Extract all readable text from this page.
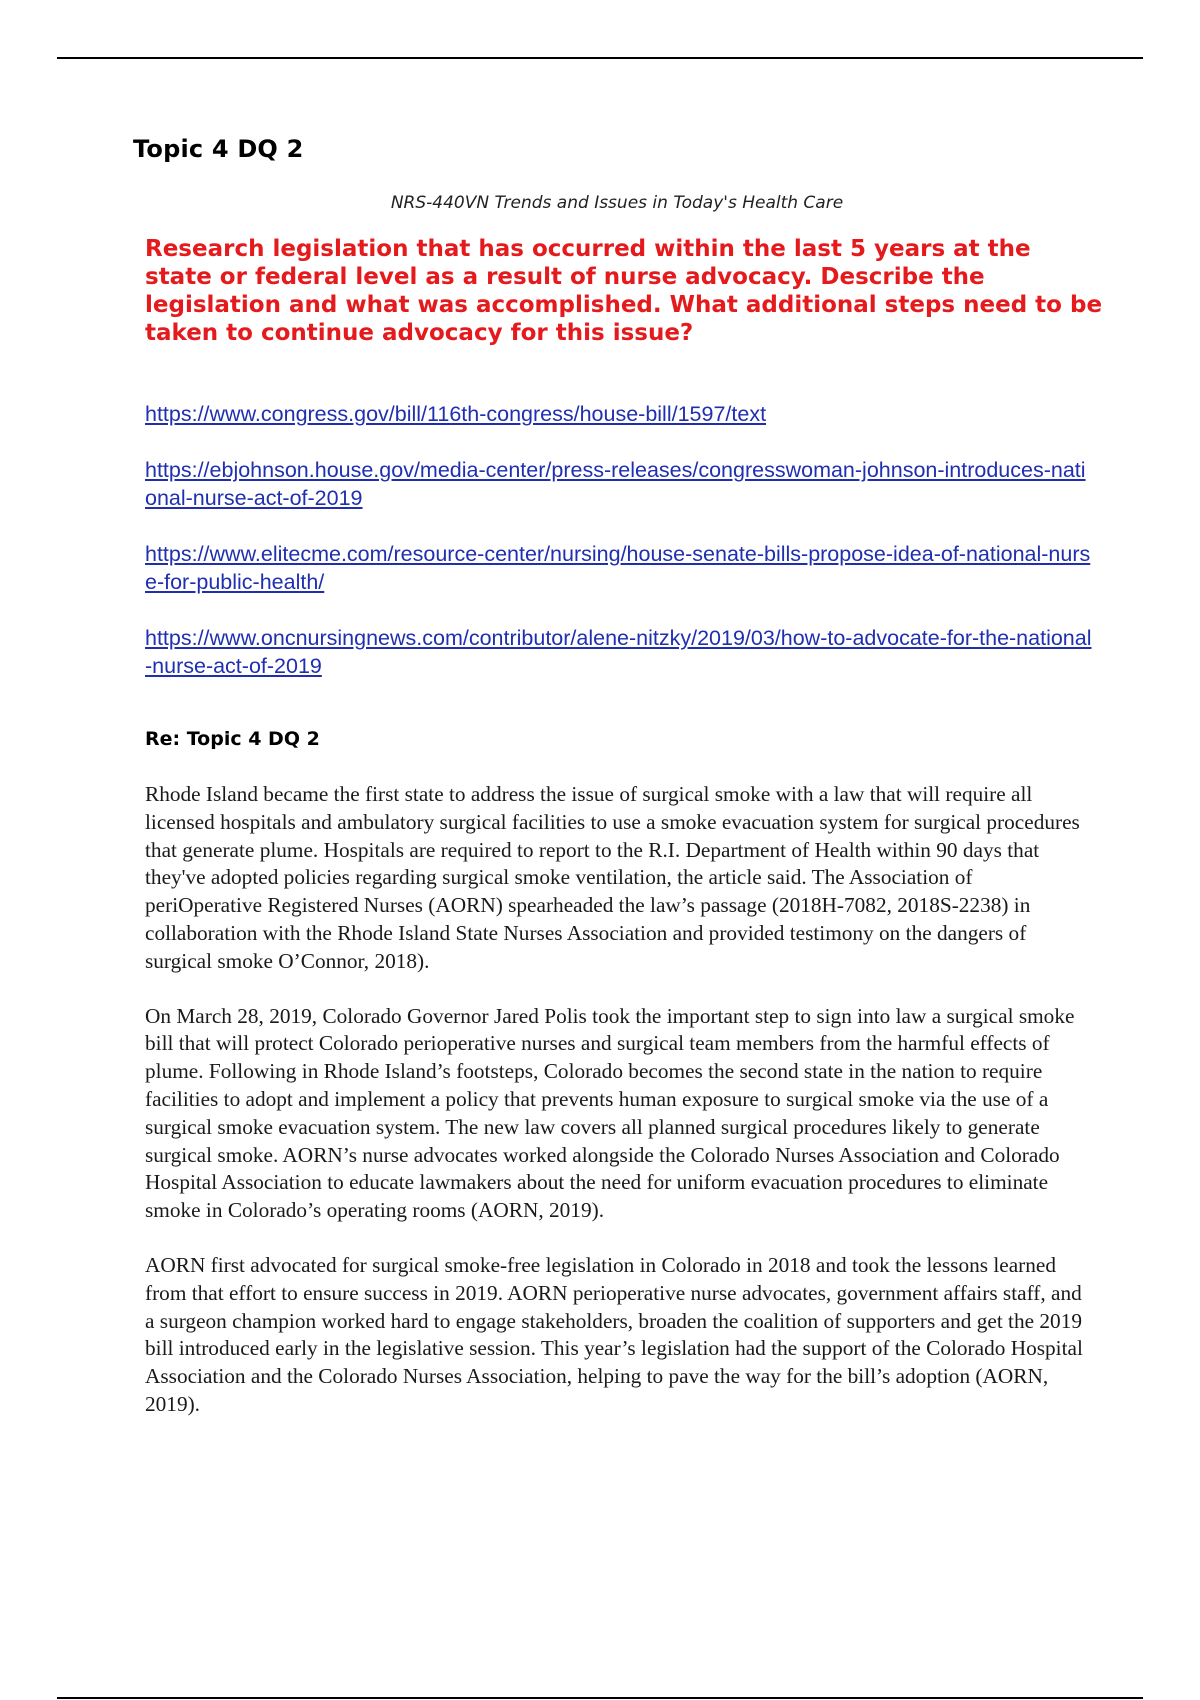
Topic 4 DQ 2
NRS-440VN Trends and Issues in Today's Health Care

Research legislation that has occurred within the last 5 years at the state or federal level as a result of nurse advocacy. Describe the legislation and what was accomplished. What additional steps need to be taken to continue advocacy for this issue?

https://www.congress.gov/bill/116th-congress/house-bill/1597/text
https://ebjohnson.house.gov/media-center/press-releases/congresswoman-johnson-introduces-national-nurse-act-of-2019
https://www.elitecme.com/resource-center/nursing/house-senate-bills-propose-idea-of-national-nurse-for-public-health/
https://www.oncnursingnews.com/contributor/alene-nitzky/2019/03/how-to-advocate-for-the-national-nurse-act-of-2019
Re: Topic 4 DQ 2

Rhode Island became the first state to address the issue of surgical smoke with a law that will require all licensed hospitals and ambulatory surgical facilities to use a smoke evacuation system for surgical procedures that generate plume. Hospitals are required to report to the R.I. Department of Health within 90 days that they've adopted policies regarding surgical smoke ventilation, the article said. The Association of periOperative Registered Nurses (AORN) spearheaded the law’s passage (2018H-7082, 2018S-2238) in collaboration with the Rhode Island State Nurses Association and provided testimony on the dangers of surgical smoke O’Connor, 2018).

On March 28, 2019, Colorado Governor Jared Polis took the important step to sign into law a surgical smoke bill that will protect Colorado perioperative nurses and surgical team members from the harmful effects of plume. Following in Rhode Island’s footsteps, Colorado becomes the second state in the nation to require facilities to adopt and implement a policy that prevents human exposure to surgical smoke via the use of a surgical smoke evacuation system. The new law covers all planned surgical procedures likely to generate surgical smoke. AORN’s nurse advocates worked alongside the Colorado Nurses Association and Colorado Hospital Association to educate lawmakers about the need for uniform evacuation procedures to eliminate smoke in Colorado’s operating rooms (AORN, 2019).

AORN first advocated for surgical smoke-free legislation in Colorado in 2018 and took the lessons learned from that effort to ensure success in 2019. AORN perioperative nurse advocates, government affairs staff, and a surgeon champion worked hard to engage stakeholders, broaden the coalition of supporters and get the 2019 bill introduced early in the legislative session. This year’s legislation had the support of the Colorado Hospital Association and the Colorado Nurses Association, helping to pave the way for the bill’s adoption (AORN, 2019).
